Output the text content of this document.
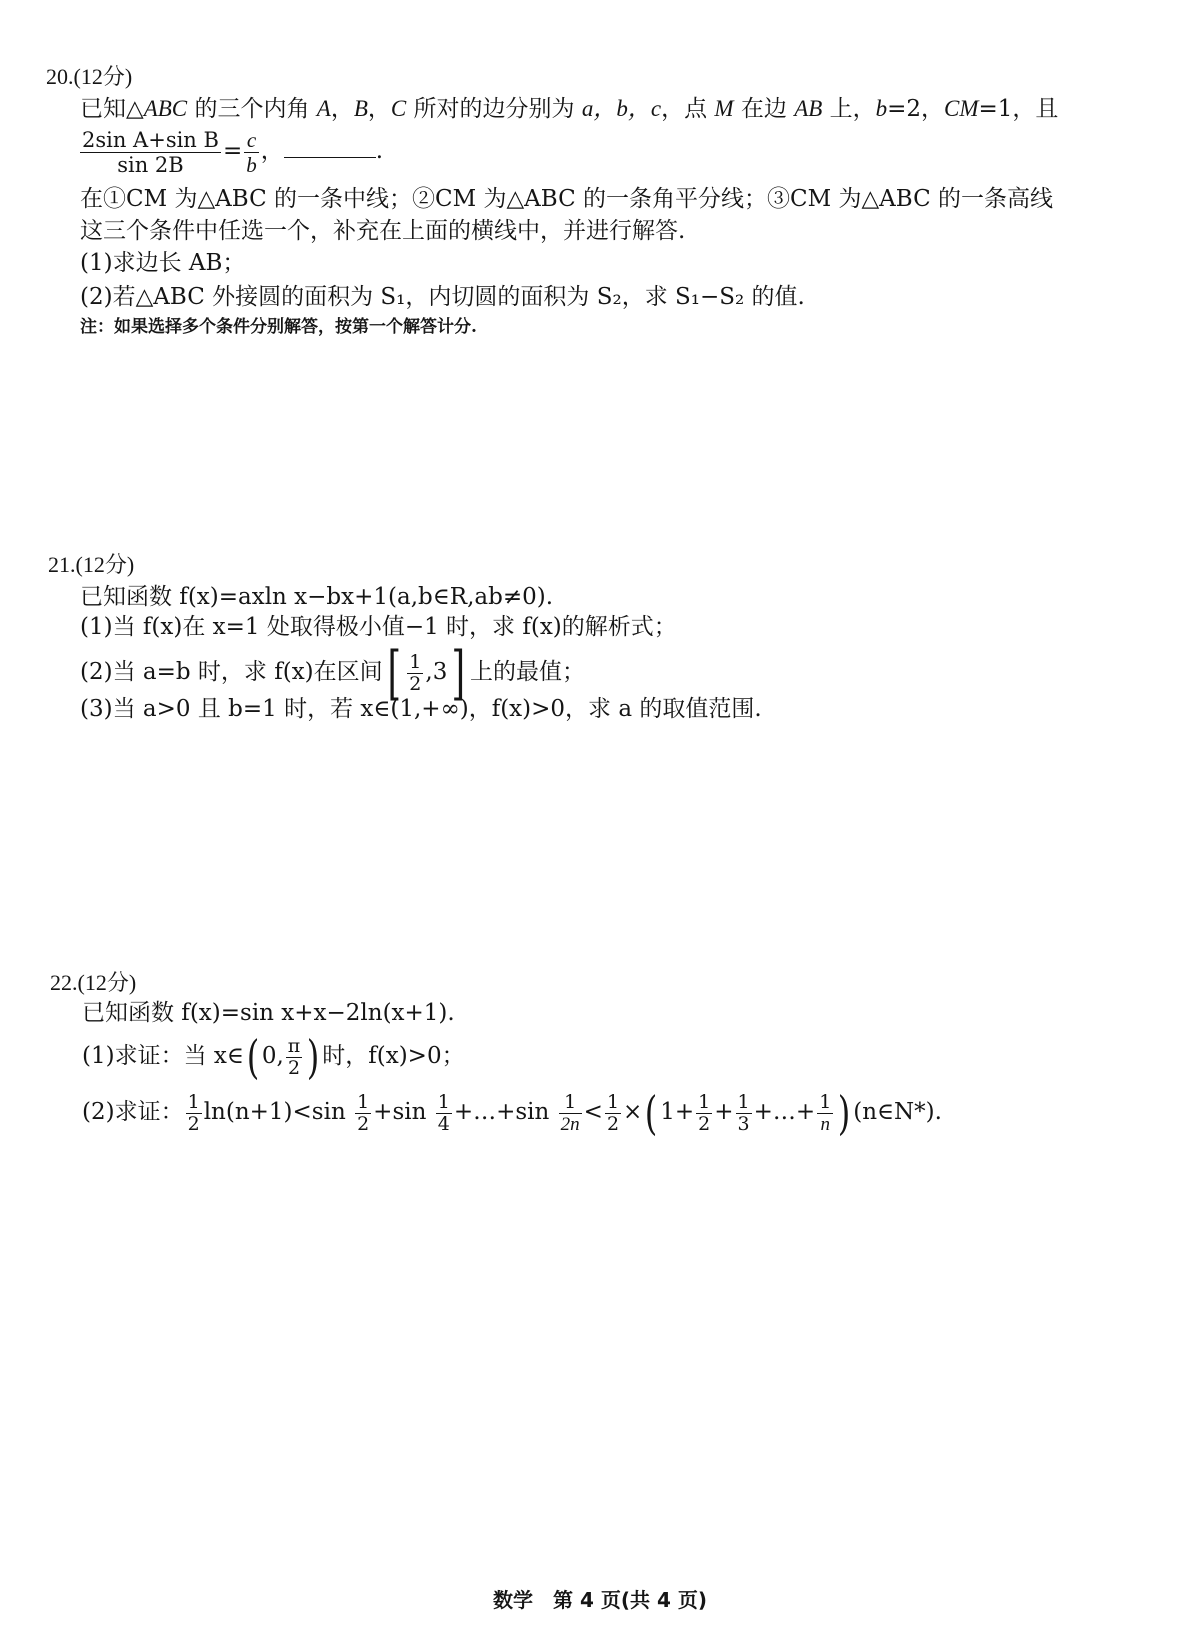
20.(12分)
已知△ABC 的三个内角 A，B，C 所对的边分别为 a，b，c，点 M 在边 AB 上，b=2，CM=1，且
$\frac{\text{2sin A+sin B}}{\sin 2B} = \frac{c}{b}$ ，	.
在①CM 为△ABC 的一条中线；②CM 为△ABC 的一条角平分线；③CM 为△ABC 的一条高线
这三个条件中任选一个，补充在上面的横线中，并进行解答.
(1)求边长 AB；
(2)若△ABC 外接圆的面积为 S₁，内切圆的面积为 S₂，求 S₁−S₂ 的值.
注：如果选择多个条件分别解答，按第一个解答计分.
21.(12分)
已知函数 f(x)=axln x−bx+1(a,b∈R,ab≠0).
(1)当 f(x)在 x=1 处取得极小值−1 时，求 f(x)的解析式；
(2)当 a=b 时，求 f(x)在区间[ $\frac{1}{2} ,3$] 上的最值；
(3)当 a>0 且 b=1 时，若 x∈(1,+∞)，f(x)>0，求 a 的取值范围.
22.(12分)
已知函数 f(x)=sin x+x−2ln(x+1).
(1)求证：当 x∈( 0, $\frac{\pi}{2}$ ) 时，f(x)>0；
(2)求证： $\frac{1}{2} \ln(n+1)<\sin \frac{1}{2} +\sin \frac{1}{4}$ +…+sin $\frac{1}{2n} < \frac{1}{2}$ ×( $1+ \frac{1}{2} + \frac{1}{3}$ +…+ $\frac{1}{n}$ ) (n∈N*).
数学　第 4 页(共 4 页)
